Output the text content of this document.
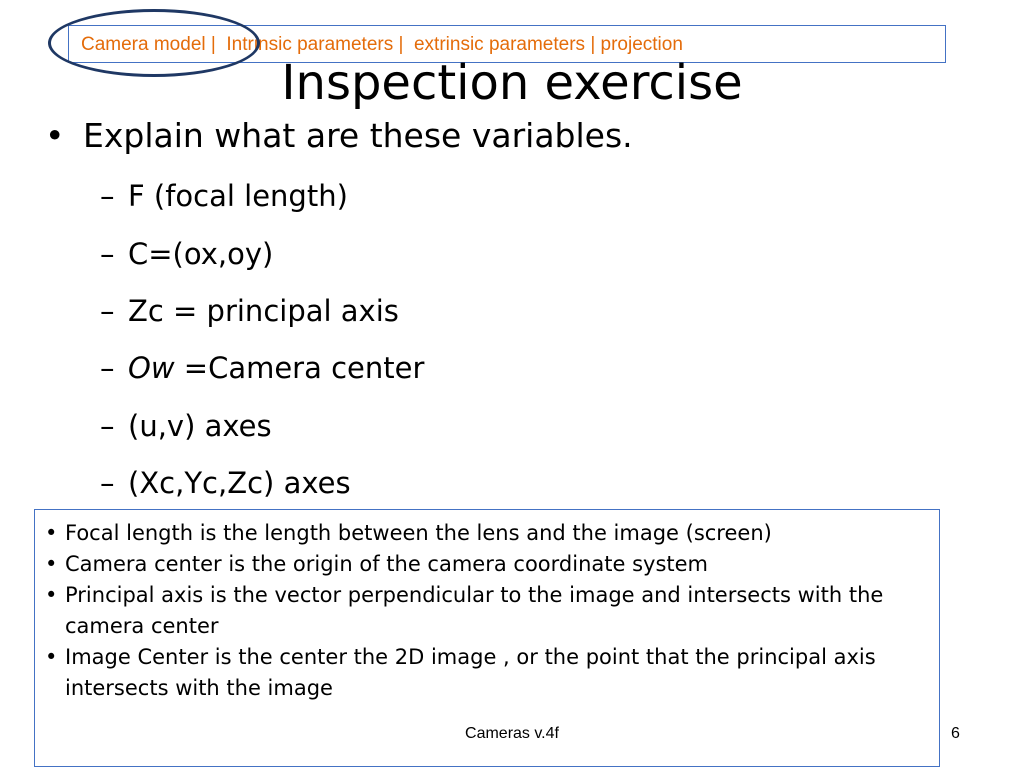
Camera model |  Intrinsic parameters |  extrinsic parameters | projection
Inspection exercise
• Explain what are these variables.
– F (focal length)
– C=(ox,oy)
– Zc = principal axis
– Ow =Camera center
– (u,v) axes
– (Xc,Yc,Zc) axes
• Focal length is the length between the lens and the image (screen)
• Camera center is the origin of the camera coordinate system
• Principal axis is the vector perpendicular to the image and intersects with the camera center
• Image Center is the center the 2D image , or the point that the principal axis intersects with the image
Cameras v.4f	6
